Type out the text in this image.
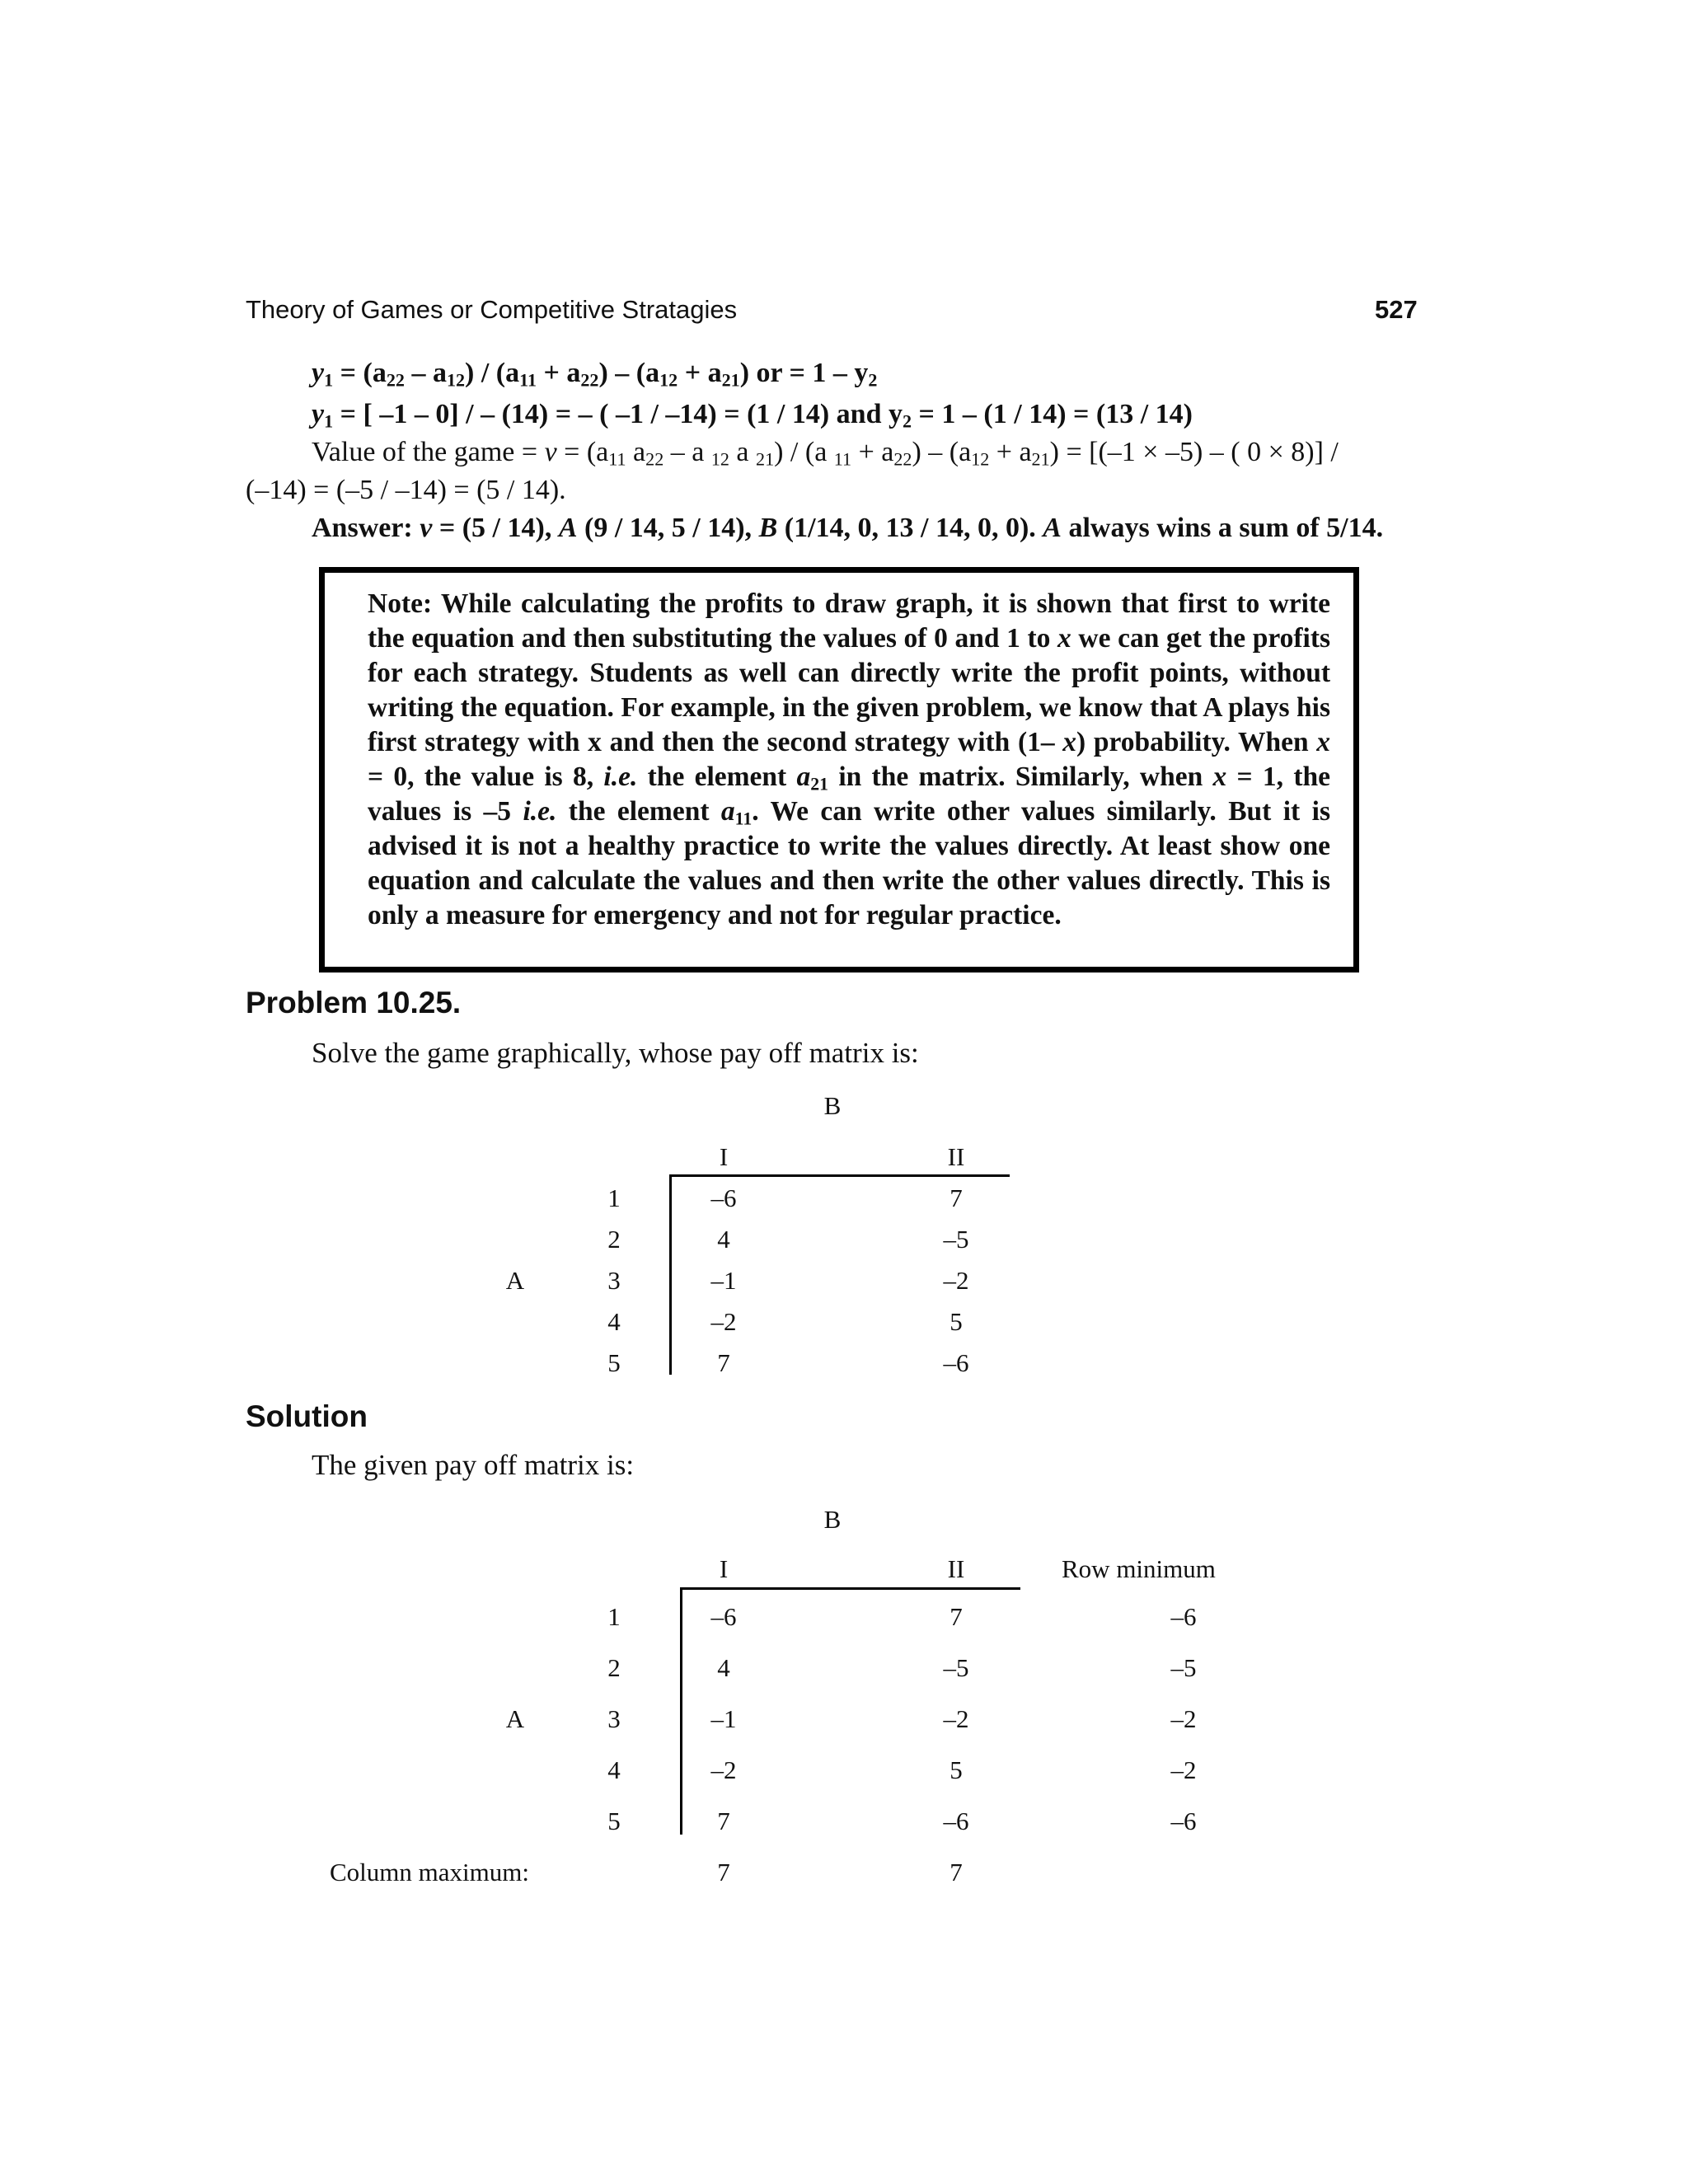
Theory of Games or Competitive Stratagies	527
$y_1 = (a_{22} - a_{12}) / (a_{11} + a_{22}) - (a_{12} + a_{21})$ or = $1 - y_2$
$y_1$ = [ –1 – 0] / – (14) = – ( –1 / –14) = (1 / 14) and $y_2 = 1 - (1 / 14) = (13 / 14)$
Value of the game = $v = (a_{11}$ $a_{22}$ – a $_{12}$ a $_{21}$) / (a $_{11} + a_{22}) - (a_{12} + a_{21}) = [(-1 \times -5)$ – ( 0 × 8)] /
(–14) = (–5 / –14) = (5 / 14).
Answer: v = (5 / 14), A (9 / 14, 5 / 14), B (1/14, 0, 13 / 14, 0, 0). A always wins a sum of 5/14.
Note: While calculating the profits to draw graph, it is shown that first to write the equation and then substituting the values of 0 and 1 to x we can get the profits for each strategy. Students as well can directly write the profit points, without writing the equation. For example, in the given problem, we know that A plays his first strategy with x and then the second strategy with (1– x) probability. When x = 0, the value is 8, i.e. the element $a_{21}$ in the matrix. Similarly, when x = 1, the values is –5 i.e. the element $a_{11}$. We can write other values similarly. But it is advised it is not a healthy practice to write the values directly. At least show one equation and calculate the values and then write the other values directly. This is only a measure for emergency and not for regular practice.
Problem 10.25.
Solve the game graphically, whose pay off matrix is:
B
I	II
A
1	–6	7
2	4	–5
3	–1	–2
4	–2	5
5	7	–6
Solution
The given pay off matrix is:
B
I	II	Row minimum
A
1	–6	7	–6
2	4	–5	–5
3	–1	–2	–2
4	–2	5	–2
5	7	–6	–6
Column maximum:	7	7
